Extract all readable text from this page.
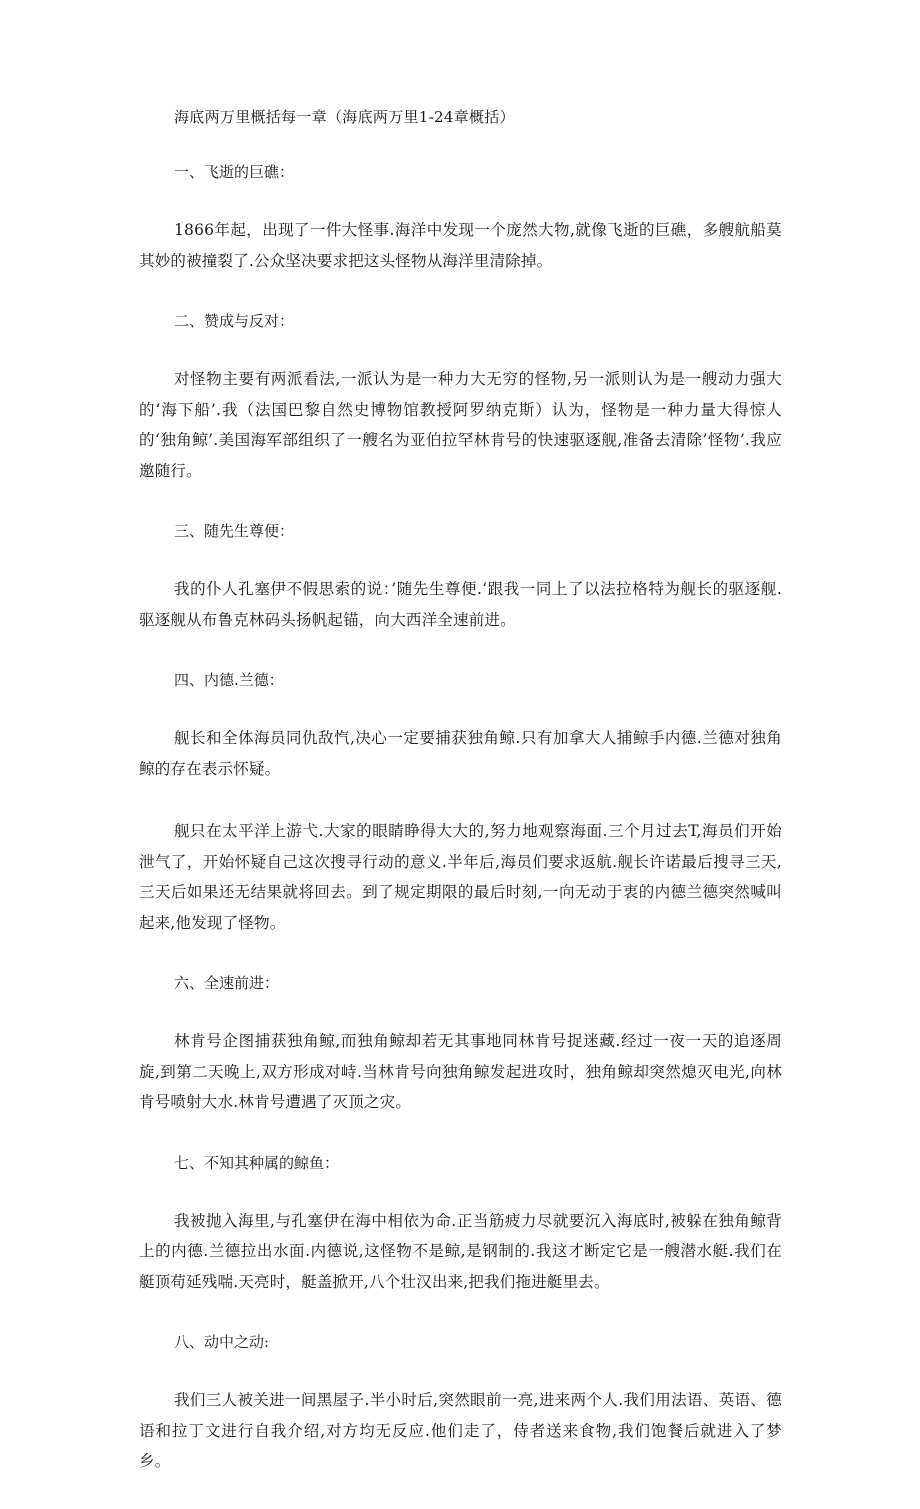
海底两万里概括每一章（海底两万里1-24章概括）
一、飞逝的巨礁：

1866年起，出现了一件大怪事.海洋中发现一个庞然大物,就像飞逝的巨礁，多艘航船莫其妙的被撞裂了.公众坚决要求把这头怪物从海洋里清除掉。

二、赞成与反对：

对怪物主要有两派看法,一派认为是一种力大无穷的怪物,另一派则认为是一艘动力强大的‘海下船’.我（法国巴黎自然史博物馆教授阿罗纳克斯）认为，怪物是一种力量大得惊人的‘独角鲸’.美国海军部组织了一艘名为亚伯拉罕林肯号的快速驱逐舰,准备去清除’怪物’.我应邀随行。

三、随先生尊便：

我的仆人孔塞伊不假思索的说：’随先生尊便.‘跟我一同上了以法拉格特为舰长的驱逐舰.驱逐舰从布鲁克林码头扬帆起锚，向大西洋全速前进。

四、内德.兰德：

舰长和全体海员同仇敌忾,决心一定要捕获独角鲸.只有加拿大人捕鲸手内德.兰德对独角鲸的存在表示怀疑。

舰只在太平洋上游弋.大家的眼睛睁得大大的,努力地观察海面.三个月过去T,海员们开始泄气了，开始怀疑自己这次搜寻行动的意义.半年后,海员们要求返航.舰长许诺最后搜寻三天,三天后如果还无结果就将回去。到了规定期限的最后时刻,一向无动于衷的内德兰德突然喊叫起来,他发现了怪物。

六、全速前进：

林肯号企图捕获独角鲸,而独角鲸却若无其事地同林肯号捉迷藏.经过一夜一天的追逐周旋,到第二天晚上,双方形成对峙.当林肯号向独角鲸发起进攻时，独角鲸却突然熄灭电光,向林肯号喷射大水.林肯号遭遇了灭顶之灾。

七、不知其种属的鲸鱼：

我被抛入海里,与孔塞伊在海中相依为命.正当筋疲力尽就要沉入海底时,被躲在独角鲸背上的内德.兰德拉出水面.内德说,这怪物不是鲸,是钢制的.我这才断定它是一艘潜水艇.我们在艇顶苟延残喘.天亮时，艇盖掀开,八个壮汉出来,把我们拖进艇里去。

八、动中之动:

我们三人被关进一间黑屋子.半小时后,突然眼前一亮,进来两个人.我们用法语、英语、德语和拉丁文进行自我介绍,对方均无反应.他们走了，侍者送来食物,我们饱餐后就进入了梦乡。
